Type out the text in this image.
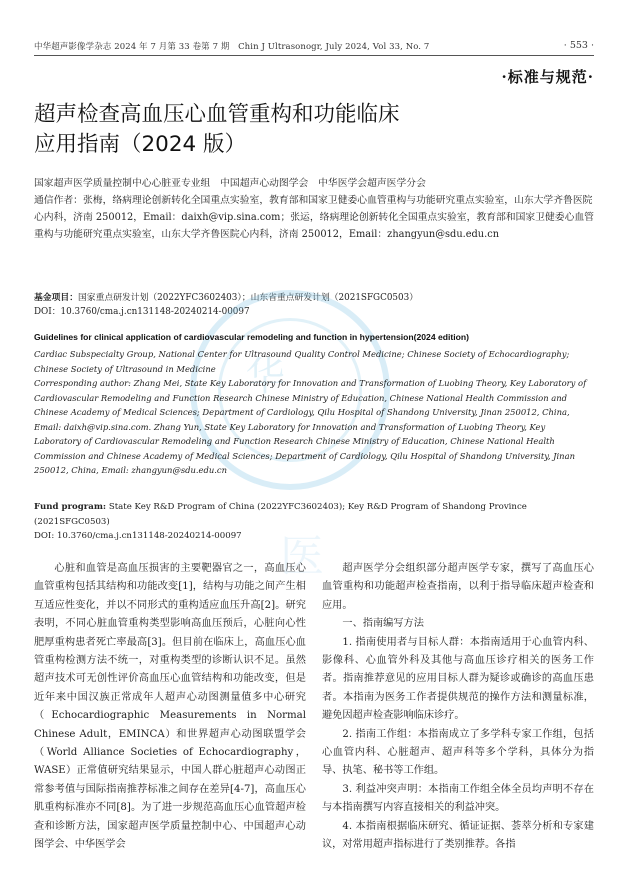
中华超声影像学杂志 2024 年 7 月第 33 卷第 7 期　Chin J Ultrasonogr, July 2024, Vol 33, No. 7	· 553 ·
·标准与规范·
超声检查高血压心血管重构和功能临床
应用指南（2024 版）

国家超声医学质量控制中心心脏亚专业组　中国超声心动图学会　中华医学会超声医学分会

通信作者：张梅，络病理论创新转化全国重点实验室，教育部和国家卫健委心血管重构与功能研究重点实验室，山东大学齐鲁医院心内科，济南 250012，Email：daixh@vip.sina.com；张运，络病理论创新转化全国重点实验室，教育部和国家卫健委心血管重构与功能研究重点实验室，山东大学齐鲁医院心内科，济南 250012，Email：zhangyun@sdu.edu.cn

基金项目：国家重点研发计划（2022YFC3602403）；山东省重点研发计划（2021SFGC0503）

DOI：10.3760/cma.j.cn131148-20240214-00097

华
医
Guidelines for clinical application of cardiovascular remodeling and function in hypertension(2024 edition)

Cardiac Subspecialty Group, National Center for Ultrasound Quality Control Medicine; Chinese Society of Echocardiography; Chinese Society of Ultrasound in Medicine

Corresponding author: Zhang Mei, State Key Laboratory for Innovation and Transformation of Luobing Theory, Key Laboratory of Cardiovascular Remodeling and Function Research Chinese Ministry of Education, Chinese National Health Commission and Chinese Academy of Medical Sciences; Department of Cardiology, Qilu Hospital of Shandong University, Jinan 250012, China, Email: daixh@vip.sina.com. Zhang Yun, State Key Laboratory for Innovation and Transformation of Luobing Theory, Key Laboratory of Cardiovascular Remodeling and Function Research Chinese Ministry of Education, Chinese National Health Commission and Chinese Academy of Medical Sciences; Department of Cardiology, Qilu Hospital of Shandong University, Jinan 250012, China, Email: zhangyun@sdu.edu.cn

Fund program: State Key R&D Program of China (2022YFC3602403); Key R&D Program of Shandong Province (2021SFGC0503)

DOI: 10.3760/cma.j.cn131148-20240214-00097

心脏和血管是高血压损害的主要靶器官之一，高血压心血管重构包括其结构和功能改变[1]，结构与功能之间产生相互适应性变化，并以不同形式的重构适应血压升高[2]。研究表明，不同心脏血管重构类型影响高血压预后，心脏向心性肥厚重构患者死亡率最高[3]。但目前在临床上，高血压心血管重构检测方法不统一，对重构类型的诊断认识不足。虽然超声技术可无创性评价高血压心血管结构和功能改变，但是近年来中国汉族正常成年人超声心动图测量值多中心研究（Echocardiographic Measurements in Normal Chinese Adult，EMINCA）和世界超声心动图联盟学会（World Alliance Societies of Echocardiography，WASE）正常值研究结果显示，中国人群心脏超声心动图正常参考值与国际指南推荐标准之间存在差异[4-7]，高血压心肌重构标准亦不同[8]。为了进一步规范高血压心血管超声检查和诊断方法，国家超声医学质量控制中心、中国超声心动图学会、中华医学会

超声医学分会组织部分超声医学专家，撰写了高血压心血管重构和功能超声检查指南，以利于指导临床超声检查和应用。

一、指南编写方法

1. 指南使用者与目标人群：本指南适用于心血管内科、影像科、心血管外科及其他与高血压诊疗相关的医务工作者。指南推荐意见的应用目标人群为疑诊或确诊的高血压患者。本指南为医务工作者提供规范的操作方法和测量标准，避免因超声检查影响临床诊疗。

2. 指南工作组：本指南成立了多学科专家工作组，包括心血管内科、心脏超声、超声科等多个学科，具体分为指导、执笔、秘书等工作组。

3. 利益冲突声明：本指南工作组全体全员均声明不存在与本指南撰写内容直接相关的利益冲突。

4. 本指南根据临床研究、循证证据、荟萃分析和专家建议，对常用超声指标进行了类别推荐。各指
